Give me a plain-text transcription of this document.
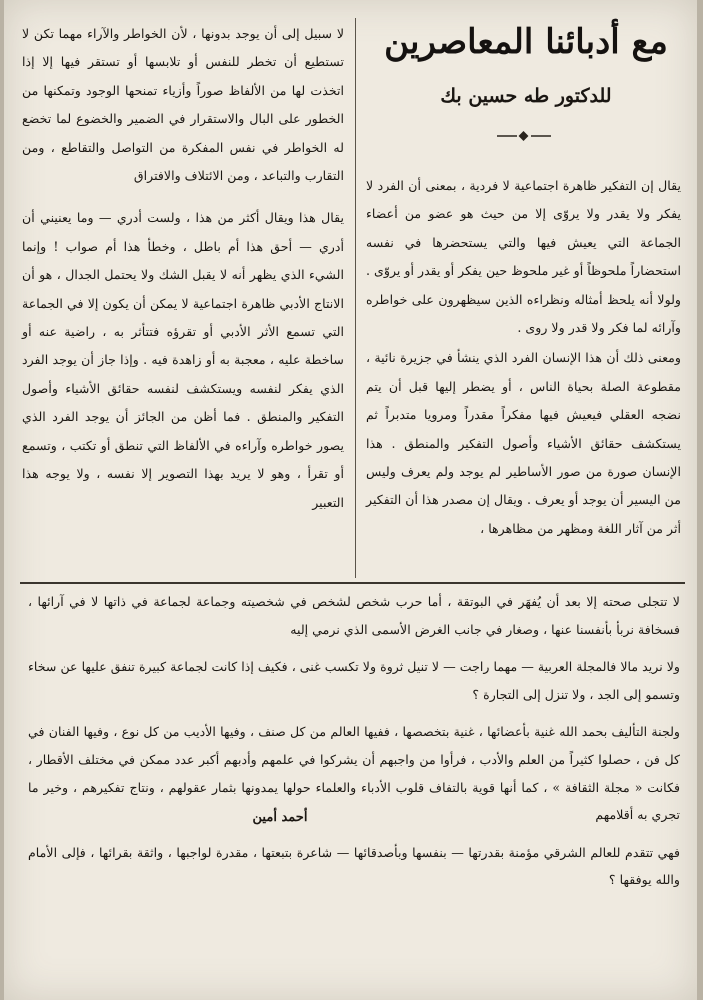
مع أدبائنا المعاصرين
للدكتور طه حسين بك

يقال إن التفكير ظاهرة اجتماعية لا فردية ، بمعنى أن الفرد لا يفكر ولا يقدر ولا يروّى إلا من حيث هو عضو من أعضاء الجماعة التي يعيش فيها والتي يستحضرها في نفسه استحضاراً ملحوظاً أو غير ملحوظ حين يفكر أو يقدر أو يروّى . ولولا أنه يلحظ أمثاله ونظراءه الذين سيظهرون على خواطره وآرائه لما فكر ولا قدر ولا روى .

ومعنى ذلك أن هذا الإنسان الفرد الذي ينشأ في جزيرة نائية ، مقطوعة الصلة بحياة الناس ، أو يضطر إليها قبل أن يتم نضجه العقلي فيعيش فيها مفكراً مقدراً ومرويا متدبراً ثم يستكشف حقائق الأشياء وأصول التفكير والمنطق . هذا الإنسان صورة من صور الأساطير لم يوجد ولم يعرف وليس من اليسير أن يوجد أو يعرف . ويقال إن مصدر هذا أن التفكير أثر من آثار اللغة ومظهر من مظاهرها ،

لا سبيل إلى أن يوجد بدونها ، لأن الخواطر والآراء مهما تكن لا تستطيع أن تخطر للنفس أو تلابسها أو تستقر فيها إلا إذا اتخذت لها من الألفاظ صوراً وأزياء تمنحها الوجود وتمكنها من الخطور على البال والاستقرار في الضمير والخضوع لما تخضع له الخواطر في نفس المفكرة من التواصل والتقاطع ، ومن التقارب والتباعد ، ومن الائتلاف والافتراق

يقال هذا ويقال أكثر من هذا ، ولست أدري — وما يعنيني أن أدري — أحق هذا أم باطل ، وخطأ هذا أم صواب ! وإنما الشيء الذي يظهر أنه لا يقبل الشك ولا يحتمل الجدال ، هو أن الانتاج الأدبي ظاهرة اجتماعية لا يمكن أن يكون إلا في الجماعة التي تسمع الأثر الأدبي أو تقرؤه فتتأثر به ، راضية عنه أو ساخطة عليه ، معجبة به أو زاهدة فيه . وإذا جاز أن يوجد الفرد الذي يفكر لنفسه ويستكشف لنفسه حقائق الأشياء وأصول التفكير والمنطق . فما أظن من الجائز أن يوجد الفرد الذي يصور خواطره وآراءه في الألفاظ التي تنطق أو تكتب ، وتسمع أو تقرأ ، وهو لا يريد بهذا التصوير إلا نفسه ، ولا يوجه هذا التعبير

لا تتجلى صحته إلا بعد أن يُفهَر في البوتقة ، أما حرب شخص لشخص في شخصيته وجماعة لجماعة في ذاتها لا في آرائها ، فسخافة نربأ بأنفسنا عنها ، وصغار في جانب الغرض الأسمى الذي نرمي إليه

ولا نريد مالا فالمجلة العربية — مهما راجت — لا تنيل ثروة ولا تكسب غنى ، فكيف إذا كانت لجماعة كبيرة تنفق عليها عن سخاء وتسمو إلى الجد ، ولا تنزل إلى التجارة ؟

ولجنة التأليف بحمد الله غنية بأعضائها ، غنية بتخصصها ، ففيها العالم من كل صنف ، وفيها الأديب من كل نوع ، وفيها الفنان في كل فن ، حصلوا كثيراً من العلم والأدب ، فرأوا من واجبهم أن يشركوا في علمهم وأدبهم أكبر عدد ممكن في مختلف الأقطار ، فكانت « مجلة الثقافة » ، كما أنها قوية بالتفاف قلوب الأدباء والعلماء حولها يمدونها بثمار عقولهم ، ونتاج تفكيرهم ، وخير ما تجري به أقلامهم

فهي تتقدم للعالم الشرقي مؤمنة بقدرتها — بنفسها وبأصدقائها — شاعرة بتبعتها ، مقدرة لواجبها ، واثقة بقرائها ، فإلى الأمام والله يوفقها ؟

أحمد أمين
